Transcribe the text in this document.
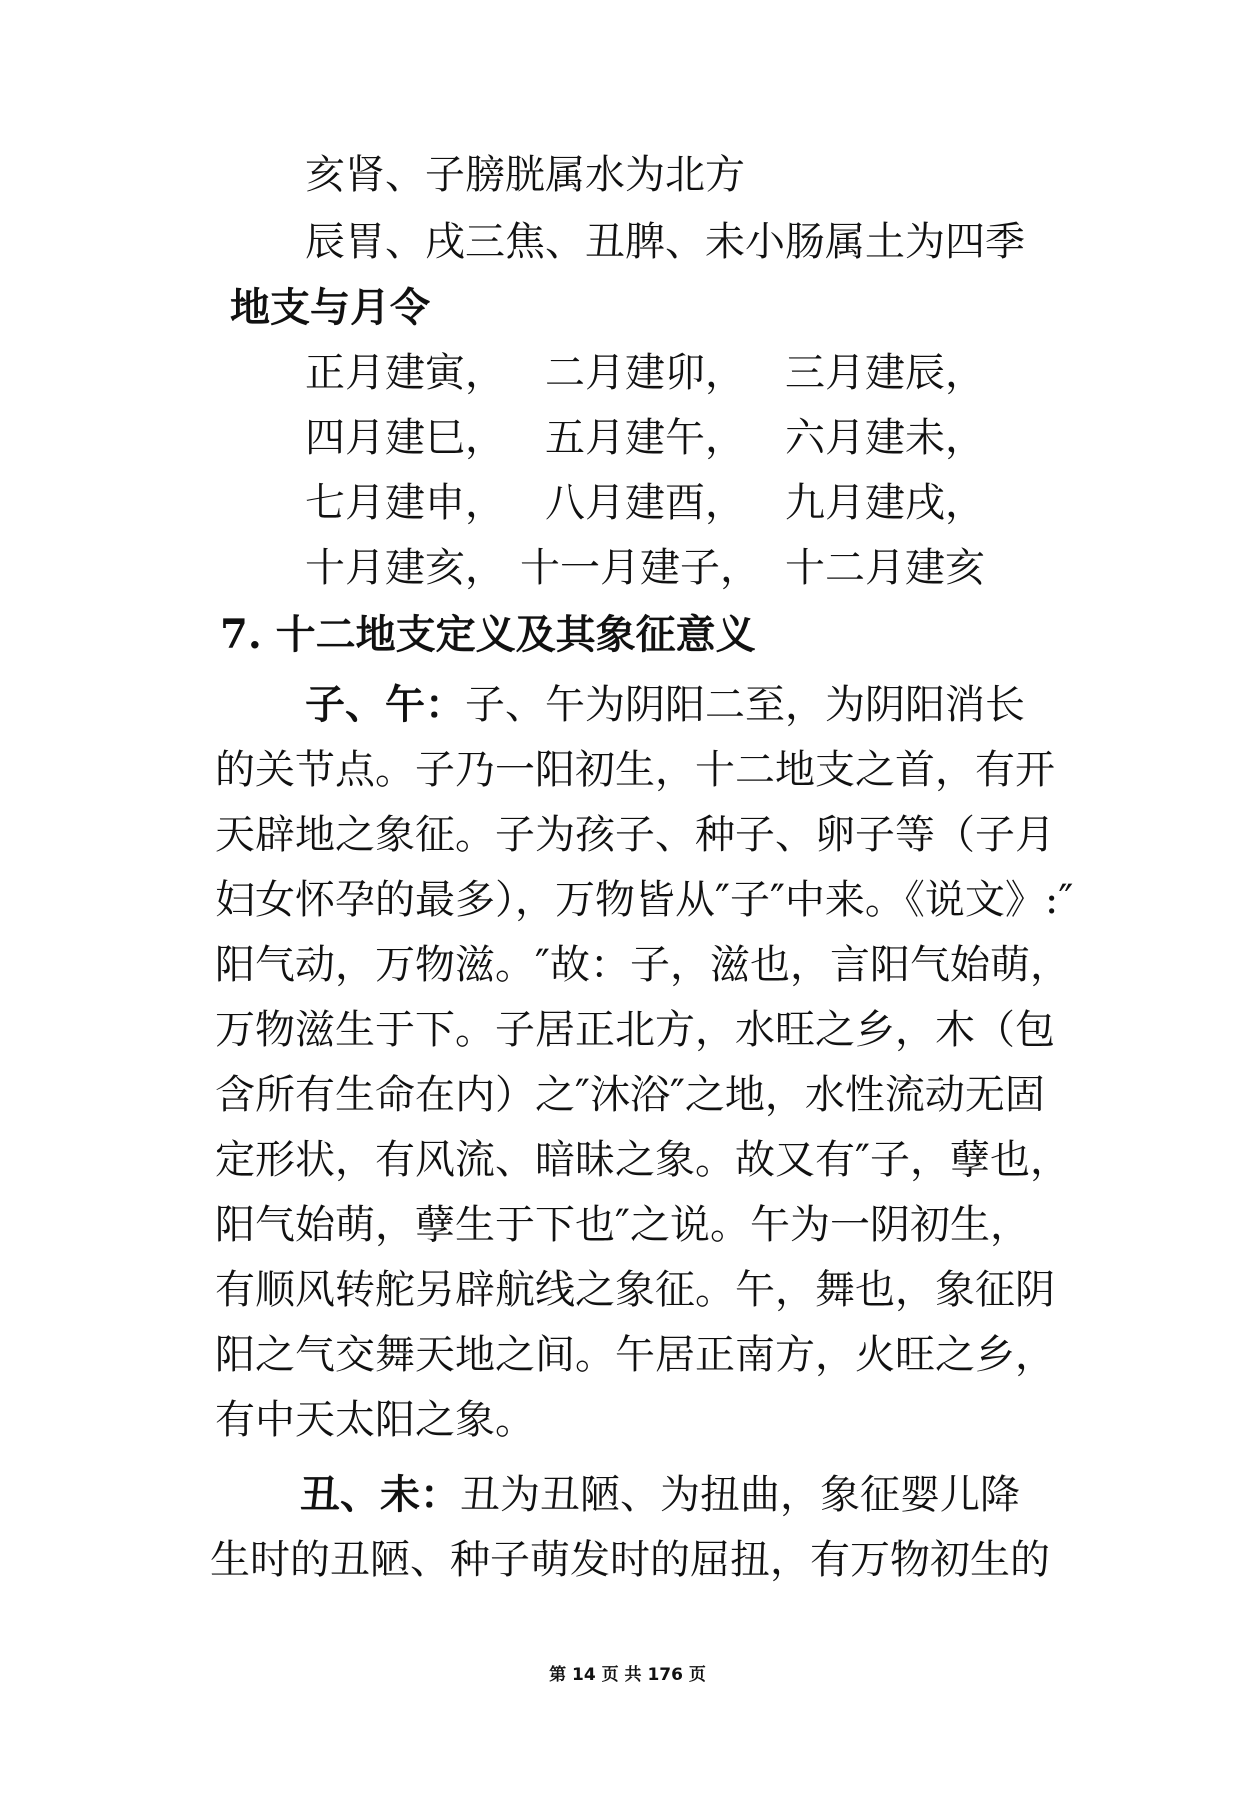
亥肾、子膀胱属水为北方
辰胃、戌三焦、丑脾、未小肠属土为四季
地支与月令
正月建寅， 二月建卯， 三月建辰，
四月建巳， 五月建午， 六月建未，
七月建申， 八月建酉， 九月建戌，
十月建亥， 十一月建子， 十二月建亥
7. 十二地支定义及其象征意义
子、午：子、午为阴阳二至，为阴阳消长
的关节点。子乃一阳初生，十二地支之首，有开
天辟地之象征。子为孩子、种子、卵子等（子月
妇女怀孕的最多），万物皆从″子″中来。《说文》:″
阳气动，万物滋。″故：子，滋也，言阳气始萌，
万物滋生于下。子居正北方，水旺之乡，木（包
含所有生命在内）之″沐浴″之地，水性流动无固
定形状，有风流、暗昧之象。故又有″子，孽也，
阳气始萌，孽生于下也″之说。午为一阴初生，
有顺风转舵另辟航线之象征。午，舞也，象征阴
阳之气交舞天地之间。午居正南方，火旺之乡，
有中天太阳之象。
丑、未：丑为丑陋、为扭曲，象征婴儿降
生时的丑陋、种子萌发时的屈扭，有万物初生的
第 14 页 共 176 页
